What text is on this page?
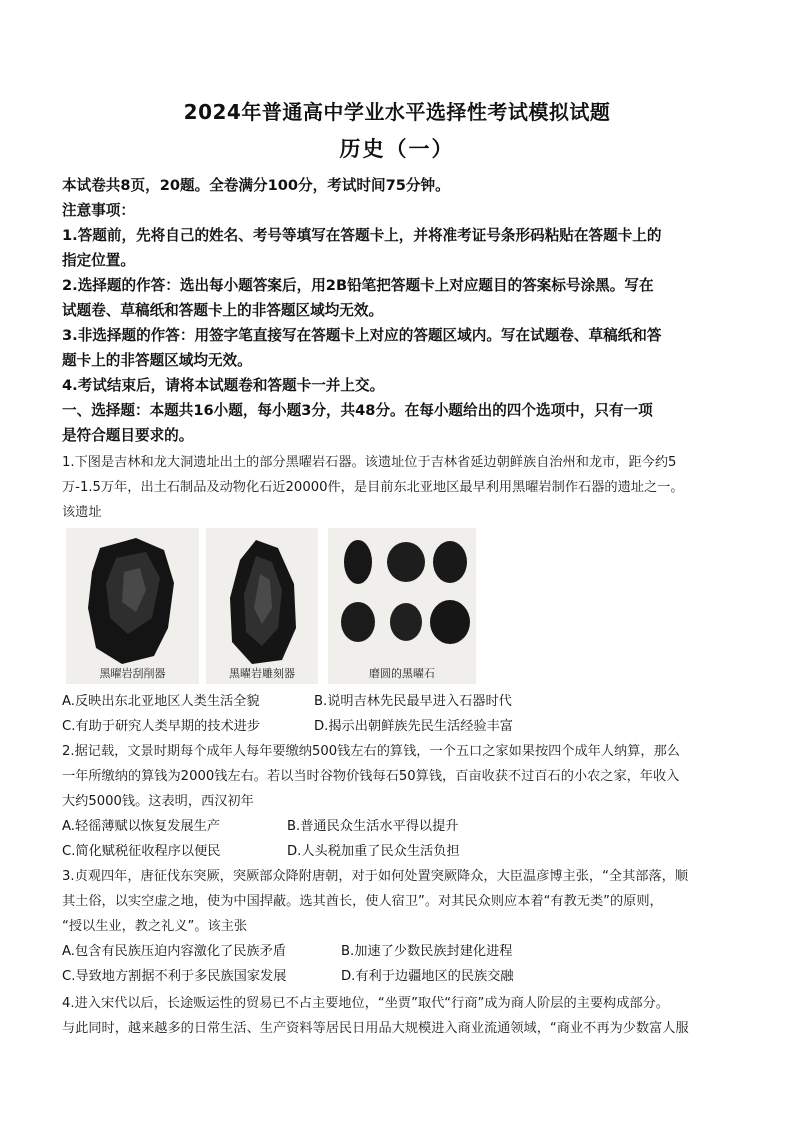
2024年普通高中学业水平选择性考试模拟试题
历史（一）
本试卷共8页，20题。全卷满分100分，考试时间75分钟。
注意事项：
1.答题前，先将自己的姓名、考号等填写在答题卡上，并将准考证号条形码粘贴在答题卡上的
指定位置。
2.选择题的作答：选出每小题答案后，用2B铅笔把答题卡上对应题目的答案标号涂黑。写在
试题卷、草稿纸和答题卡上的非答题区域均无效。
3.非选择题的作答：用签字笔直接写在答题卡上对应的答题区域内。写在试题卷、草稿纸和答
题卡上的非答题区域均无效。
4.考试结束后，请将本试题卷和答题卡一并上交。
一、选择题：本题共16小题，每小题3分，共48分。在每小题给出的四个选项中，只有一项
是符合题目要求的。
1.下图是吉林和龙大洞遗址出土的部分黑曜岩石器。该遗址位于吉林省延边朝鲜族自治州和龙市，距今约5
万-1.5万年，出土石制品及动物化石近20000件，是目前东北亚地区最早利用黑曜岩制作石器的遗址之一。
该遗址
黑曜岩刮削器	黑曜岩雕刻器	磨圆的黑曜石
A.反映出东北亚地区人类生活全貌	B.说明吉林先民最早进入石器时代
C.有助于研究人类早期的技术进步	D.揭示出朝鲜族先民生活经验丰富
2.据记载，文景时期每个成年人每年要缴纳500钱左右的算钱，一个五口之家如果按四个成年人纳算，那么
一年所缴纳的算钱为2000钱左右。若以当时谷物价钱每石50算钱，百亩收获不过百石的小农之家，年收入
大约5000钱。这表明，西汉初年
A.轻徭薄赋以恢复发展生产	B.普通民众生活水平得以提升
C.简化赋税征收程序以便民	D.人头税加重了民众生活负担
3.贞观四年，唐征伐东突厥，突厥部众降附唐朝，对于如何处置突厥降众，大臣温彦博主张，“全其部落，顺
其土俗，以实空虚之地，使为中国捍蔽。选其酋长，使人宿卫”。对其民众则应本着“有教无类”的原则，
“授以生业，教之礼义”。该主张
A.包含有民族压迫内容激化了民族矛盾	B.加速了少数民族封建化进程
C.导致地方割据不利于多民族国家发展	D.有利于边疆地区的民族交融
4.进入宋代以后，长途贩运性的贸易已不占主要地位，“坐贾”取代“行商”成为商人阶层的主要构成部分。
与此同时，越来越多的日常生活、生产资料等居民日用品大规模进入商业流通领域，“商业不再为少数富人服
